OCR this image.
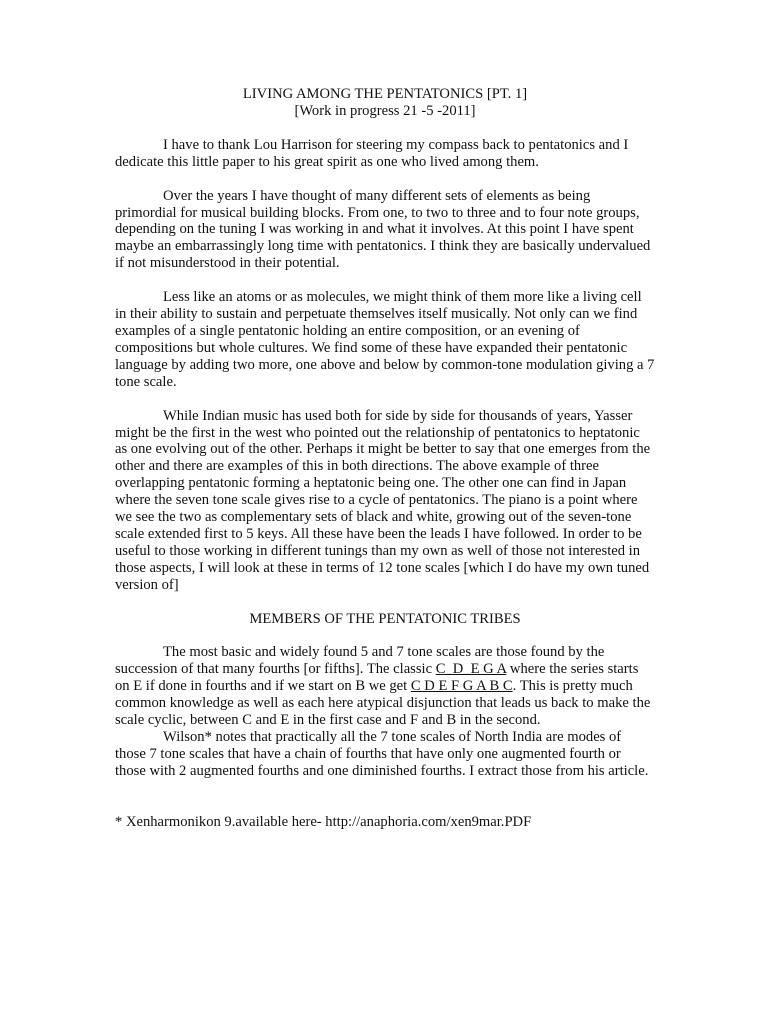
LIVING AMONG THE PENTATONICS [PT. 1]
[Work in progress 21 -5 -2011]

I have to thank Lou Harrison for steering my compass back to pentatonics and I dedicate this little paper to his great spirit as one who lived among them.

Over the years I have thought of many different sets of elements as being primordial for musical building blocks. From one, to two to three and to four note groups, depending on the tuning I was working in and what it involves. At this point I have spent maybe an embarrassingly long time with pentatonics. I think they are basically undervalued if not misunderstood in their potential.

Less like an atoms or as molecules, we might think of them more like a living cell in their ability to sustain and perpetuate themselves itself musically. Not only can we find examples of a single pentatonic holding an entire composition, or an evening of compositions but whole cultures. We find some of these have expanded their pentatonic language by adding two more, one above and below by common-tone modulation giving a 7 tone scale.

While Indian music has used both for side by side for thousands of years, Yasser might be the first in the west who pointed out the relationship of pentatonics to heptatonic as one evolving out of the other. Perhaps it might be better to say that one emerges from the other and there are examples of this in both directions. The above example of three overlapping pentatonic forming a heptatonic being one. The other one can find in Japan where the seven tone scale gives rise to a cycle of pentatonics. The piano is a point where we see the two as complementary sets of black and white, growing out of the seven-tone scale extended first to 5 keys. All these have been the leads I have followed. In order to be useful to those working in different tunings than my own as well of those not interested in those aspects, I will look at these in terms of 12 tone scales [which I do have my own tuned version of]

MEMBERS OF THE PENTATONIC TRIBES

The most basic and widely found 5 and 7 tone scales are those found by the succession of that many fourths [or fifths]. The classic C_D_E G A where the series starts on E if done in fourths and if we start on B we get C D E F G A B C. This is pretty much common knowledge as well as each here atypical disjunction that leads us back to make the scale cyclic, between C and E in the first case and F and B in the second.

Wilson* notes that practically all the 7 tone scales of North India are modes of those 7 tone scales that have a chain of fourths that have only one augmented fourth or those with 2 augmented fourths and one diminished fourths. I extract those from his article.

* Xenharmonikon 9.available here- http://anaphoria.com/xen9mar.PDF
